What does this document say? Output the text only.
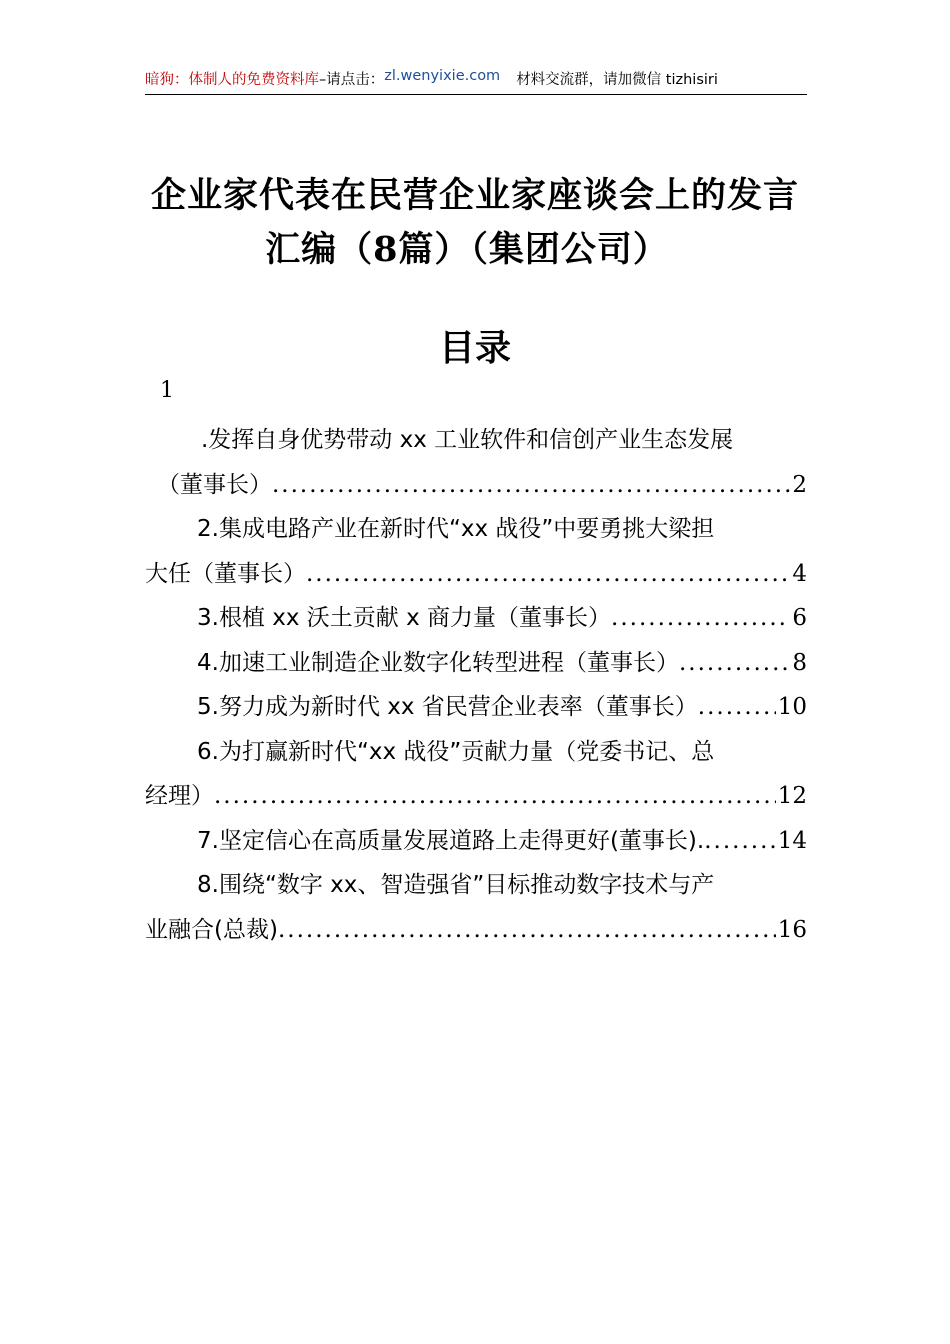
暗狗：体制人的免费资料库–请点击：zl.wenyixie.com 材料交流群，请加微信 tizhisiri
企业家代表在民营企业家座谈会上的发言
汇编（8篇）（集团公司）
目录
1
.发挥自身优势带动 xx 工业软件和信创产业生态发展
（董事长） .....	2
2.集成电路产业在新时代“xx 战役”中要勇挑大梁担
大任（董事长） .....	4
3.根植 xx 沃土贡献 x 商力量（董事长） .....	6
4.加速工业制造企业数字化转型进程（董事长） .....	8
5.努力成为新时代 xx 省民营企业表率（董事长） .....	10
6.为打赢新时代“xx 战役”贡献力量（党委书记、总
经理） .....	12
7.坚定信心在高质量发展道路上走得更好(董事长). .....	14
8.围绕“数字 xx、智造强省”目标推动数字技术与产
业融合(总裁) .....	16
